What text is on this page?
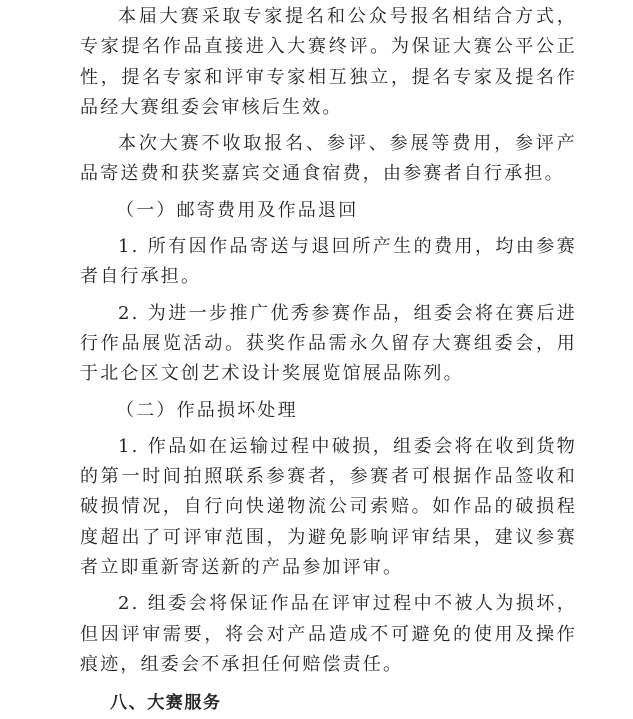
本届大赛采取专家提名和公众号报名相结合方式，专家提名作品直接进入大赛终评。为保证大赛公平公正性，提名专家和评审专家相互独立，提名专家及提名作品经大赛组委会审核后生效。

本次大赛不收取报名、参评、参展等费用，参评产品寄送费和获奖嘉宾交通食宿费，由参赛者自行承担。

（一）邮寄费用及作品退回

1. 所有因作品寄送与退回所产生的费用，均由参赛者自行承担。

2. 为进一步推广优秀参赛作品，组委会将在赛后进行作品展览活动。获奖作品需永久留存大赛组委会，用于北仑区文创艺术设计奖展览馆展品陈列。

（二）作品损坏处理

1. 作品如在运输过程中破损，组委会将在收到货物的第一时间拍照联系参赛者，参赛者可根据作品签收和破损情况，自行向快递物流公司索赔。如作品的破损程度超出了可评审范围，为避免影响评审结果，建议参赛者立即重新寄送新的产品参加评审。

2. 组委会将保证作品在评审过程中不被人为损坏，但因评审需要，将会对产品造成不可避免的使用及操作痕迹，组委会不承担任何赔偿责任。

八、大赛服务
